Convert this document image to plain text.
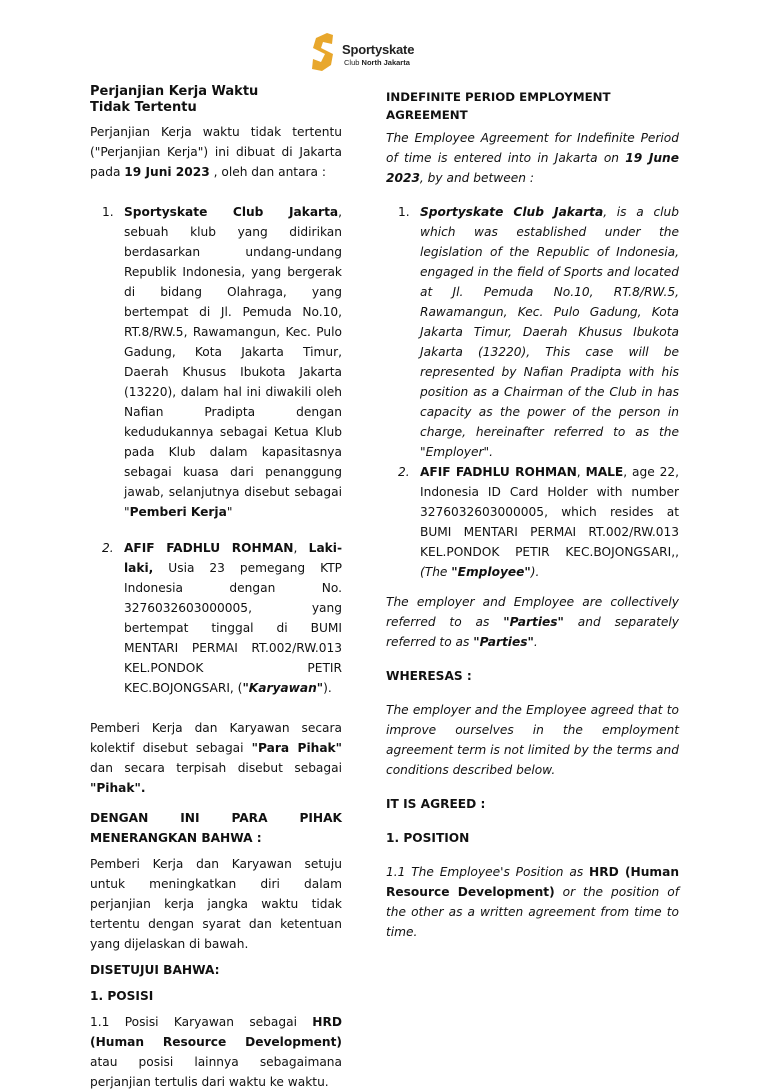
Sportyskate
Club North Jakarta

Perjanjian Kerja Waktu
Tidak Tertentu

Perjanjian Kerja waktu tidak tertentu ("Perjanjian Kerja") ini dibuat di Jakarta pada 19 Juni 2023 , oleh dan antara :

1. Sportyskate Club Jakarta, sebuah klub yang didirikan berdasarkan undang-undang Republik Indonesia, yang bergerak di bidang Olahraga, yang bertempat di Jl. Pemuda No.10, RT.8/RW.5, Rawamangun, Kec. Pulo Gadung, Kota Jakarta Timur, Daerah Khusus Ibukota Jakarta (13220), dalam hal ini diwakili oleh Nafian Pradipta dengan kedudukannya sebagai Ketua Klub pada Klub dalam kapasitasnya sebagai kuasa dari penanggung jawab, selanjutnya disebut sebagai "Pemberi Kerja"
2. AFIF FADHLU ROHMAN, Laki-laki, Usia 23 pemegang KTP Indonesia dengan No. 3276032603000005, yang bertempat tinggal di BUMI MENTARI PERMAI RT.002/RW.013 KEL.PONDOK PETIR KEC.BOJONGSARI, ("Karyawan").

Pemberi Kerja dan Karyawan secara kolektif disebut sebagai "Para Pihak" dan secara terpisah disebut sebagai "Pihak".

DENGAN INI PARA PIHAK MENERANGKAN BAHWA :

Pemberi Kerja dan Karyawan setuju untuk meningkatkan diri dalam perjanjian kerja jangka waktu tidak tertentu dengan syarat dan ketentuan yang dijelaskan di bawah.

DISETUJUI BAHWA:

1. POSISI

1.1 Posisi Karyawan sebagai HRD (Human Resource Development) atau posisi lainnya sebagaimana perjanjian tertulis dari waktu ke waktu.

INDEFINITE PERIOD EMPLOYMENT
AGREEMENT

The Employee Agreement for Indefinite Period of time is entered into in Jakarta on 19 June 2023, by and between :

1. Sportyskate Club Jakarta, is a club which was established under the legislation of the Republic of Indonesia, engaged in the field of Sports and located at Jl. Pemuda No.10, RT.8/RW.5, Rawamangun, Kec. Pulo Gadung, Kota Jakarta Timur, Daerah Khusus Ibukota Jakarta (13220), This case will be represented by Nafian Pradipta with his position as a Chairman of the Club in has capacity as the power of the person in charge, hereinafter referred to as the "Employer".
2. AFIF FADHLU ROHMAN, MALE, age 22, Indonesia ID Card Holder with number 3276032603000005, which resides at BUMI MENTARI PERMAI RT.002/RW.013 KEL.PONDOK PETIR KEC.BOJONGSARI,, (The "Employee").

The employer and Employee are collectively referred to as "Parties" and separately referred to as "Parties".

WHERESAS :

The employer and the Employee agreed that to improve ourselves in the employment agreement term is not limited by the terms and conditions described below.

IT IS AGREED :

1. POSITION

1.1 The Employee's Position as HRD (Human Resource Development) or the position of the other as a written agreement from time to time.
